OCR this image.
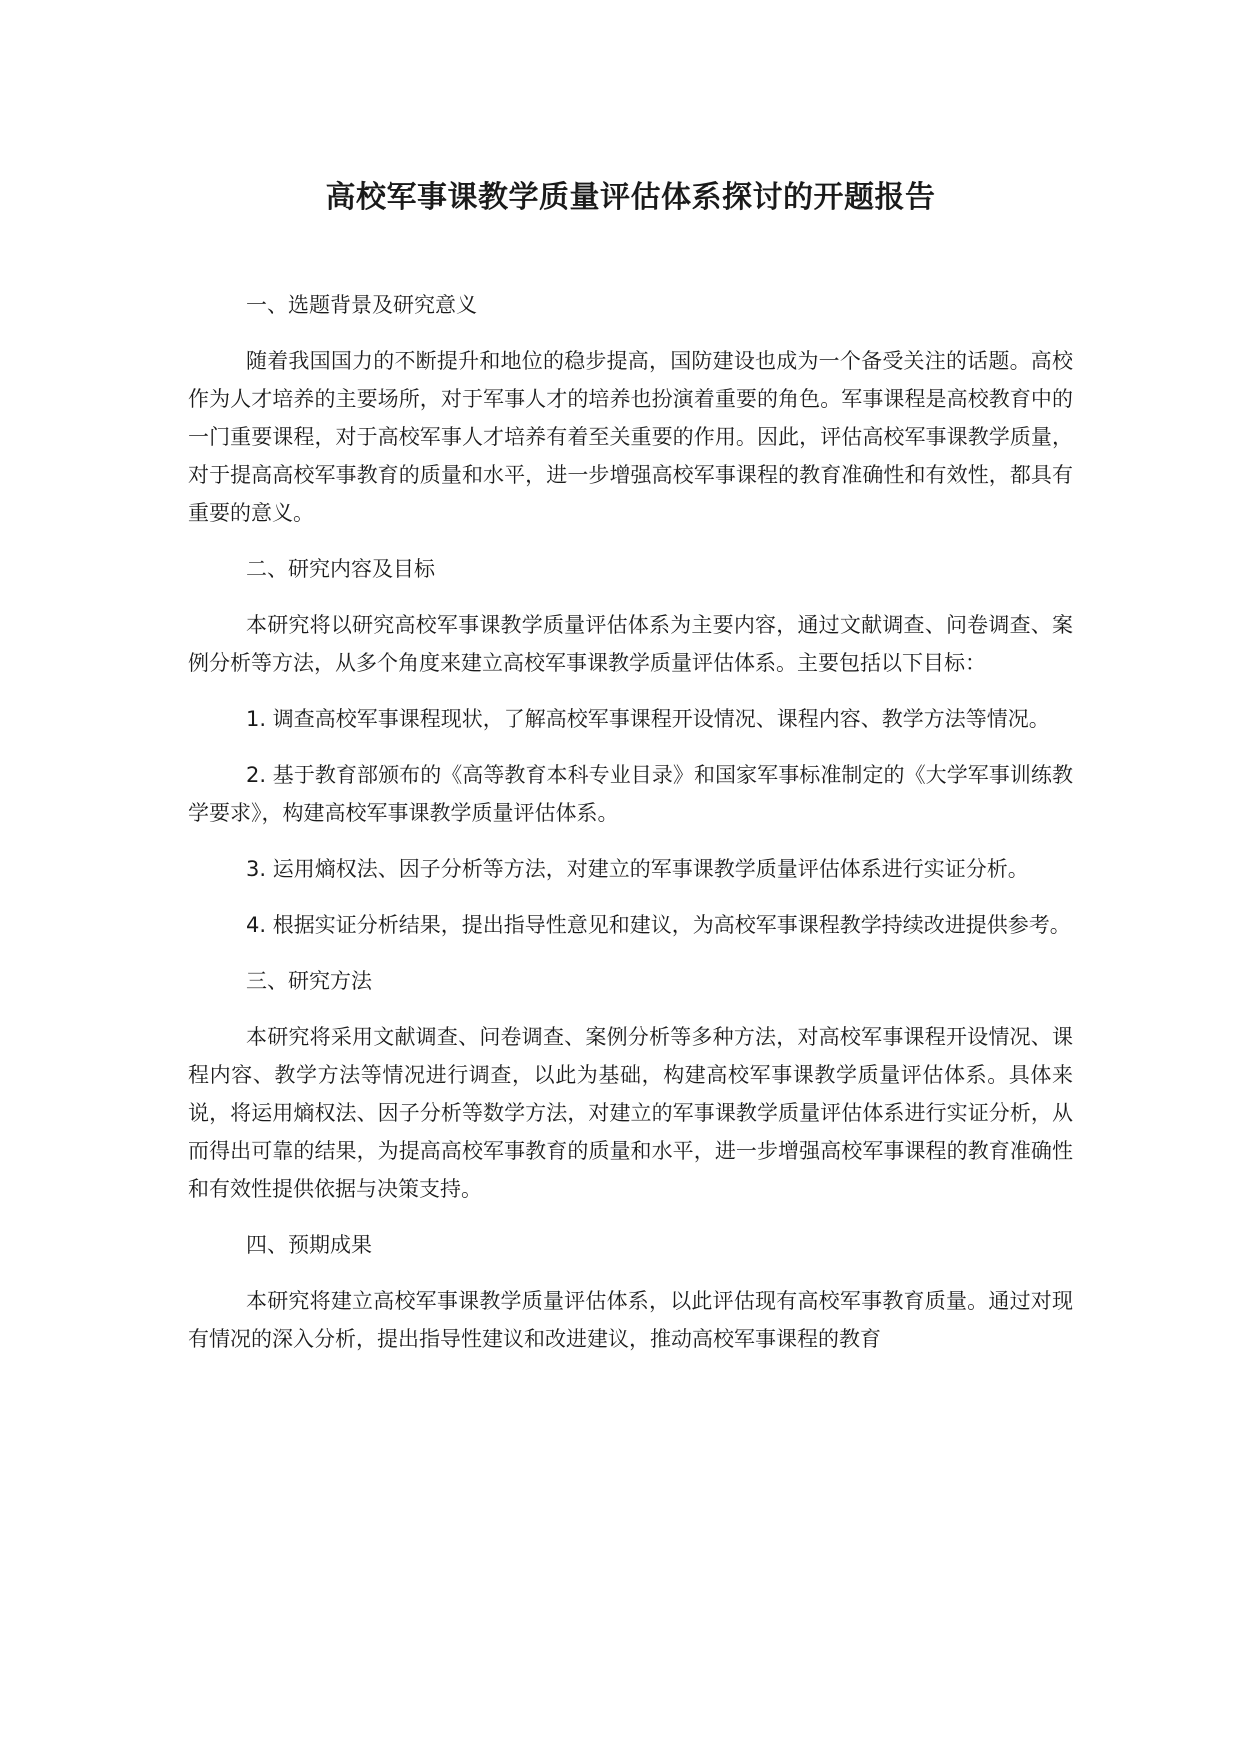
高校军事课教学质量评估体系探讨的开题报告

一、选题背景及研究意义

随着我国国力的不断提升和地位的稳步提高，国防建设也成为一个备受关注的话题。高校作为人才培养的主要场所，对于军事人才的培养也扮演着重要的角色。军事课程是高校教育中的一门重要课程，对于高校军事人才培养有着至关重要的作用。因此，评估高校军事课教学质量，对于提高高校军事教育的质量和水平，进一步增强高校军事课程的教育准确性和有效性，都具有重要的意义。

二、研究内容及目标

本研究将以研究高校军事课教学质量评估体系为主要内容，通过文献调查、问卷调查、案例分析等方法，从多个角度来建立高校军事课教学质量评估体系。主要包括以下目标：

1. 调查高校军事课程现状，了解高校军事课程开设情况、课程内容、教学方法等情况。

2. 基于教育部颁布的《高等教育本科专业目录》和国家军事标准制定的《大学军事训练教学要求》，构建高校军事课教学质量评估体系。

3. 运用熵权法、因子分析等方法，对建立的军事课教学质量评估体系进行实证分析。

4. 根据实证分析结果，提出指导性意见和建议，为高校军事课程教学持续改进提供参考。

三、研究方法

本研究将采用文献调查、问卷调查、案例分析等多种方法，对高校军事课程开设情况、课程内容、教学方法等情况进行调查，以此为基础，构建高校军事课教学质量评估体系。具体来说，将运用熵权法、因子分析等数学方法，对建立的军事课教学质量评估体系进行实证分析，从而得出可靠的结果，为提高高校军事教育的质量和水平，进一步增强高校军事课程的教育准确性和有效性提供依据与决策支持。

四、预期成果

本研究将建立高校军事课教学质量评估体系，以此评估现有高校军事教育质量。通过对现有情况的深入分析，提出指导性建议和改进建议，推动高校军事课程的教育
